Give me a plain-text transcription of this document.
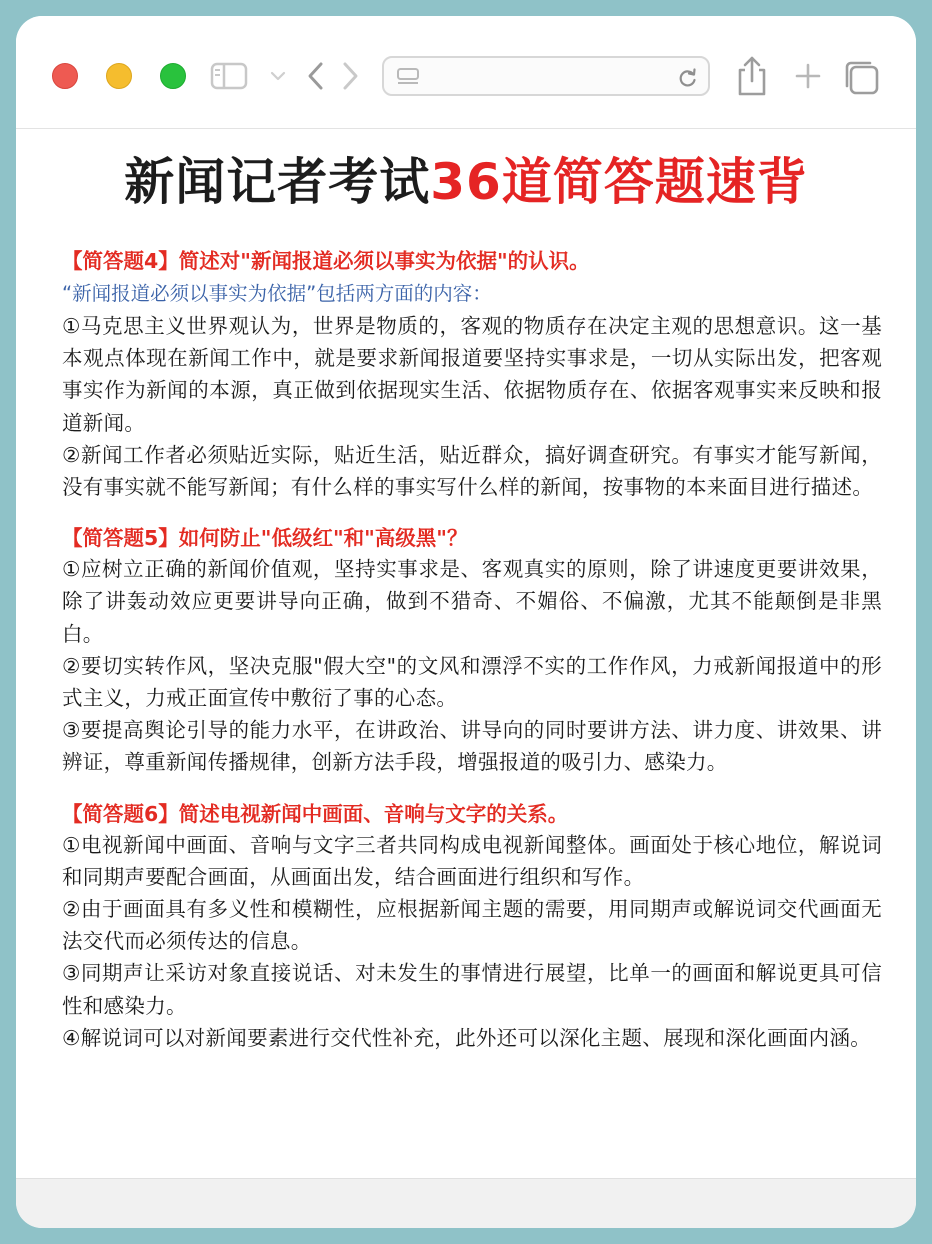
新闻记者考试36道简答题速背
【简答题4】简述对"新闻报道必须以事实为依据"的认识。
“新闻报道必须以事实为依据”包括两方面的内容：

①马克思主义世界观认为，世界是物质的，客观的物质存在决定主观的思想意识。这一基本观点体现在新闻工作中，就是要求新闻报道要坚持实事求是，一切从实际出发，把客观事实作为新闻的本源，真正做到依据现实生活、依据物质存在、依据客观事实来反映和报道新闻。

②新闻工作者必须贴近实际，贴近生活，贴近群众，搞好调查研究。有事实才能写新闻，没有事实就不能写新闻；有什么样的事实写什么样的新闻，按事物的本来面目进行描述。

【简答题5】如何防止"低级红"和"高级黑"？

①应树立正确的新闻价值观，坚持实事求是、客观真实的原则，除了讲速度更要讲效果，除了讲轰动效应更要讲导向正确，做到不猎奇、不媚俗、不偏激，尤其不能颠倒是非黑白。

②要切实转作风，坚决克服"假大空"的文风和漂浮不实的工作作风，力戒新闻报道中的形式主义，力戒正面宣传中敷衍了事的心态。

③要提高舆论引导的能力水平，在讲政治、讲导向的同时要讲方法、讲力度、讲效果、讲辨证，尊重新闻传播规律，创新方法手段，增强报道的吸引力、感染力。

【简答题6】简述电视新闻中画面、音响与文字的关系。

①电视新闻中画面、音响与文字三者共同构成电视新闻整体。画面处于核心地位，解说词和同期声要配合画面，从画面出发，结合画面进行组织和写作。

②由于画面具有多义性和模糊性，应根据新闻主题的需要，用同期声或解说词交代画面无法交代而必须传达的信息。

③同期声让采访对象直接说话、对未发生的事情进行展望，比单一的画面和解说更具可信性和感染力。

④解说词可以对新闻要素进行交代性补充，此外还可以深化主题、展现和深化画面内涵。
